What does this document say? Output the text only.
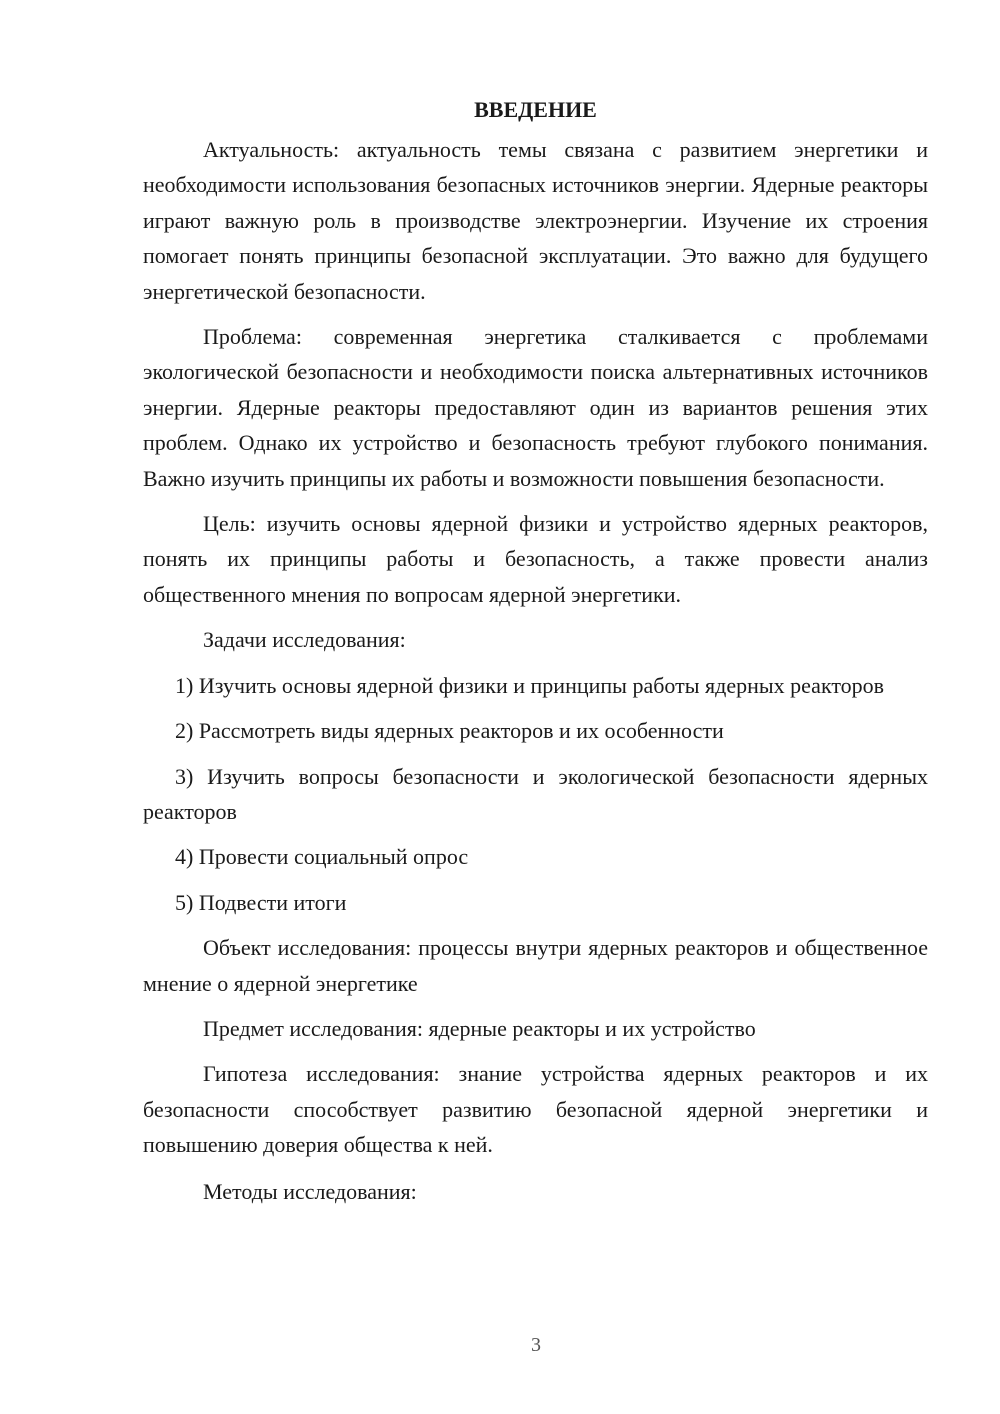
ВВЕДЕНИЕ

Актуальность: актуальность темы связана с развитием энергетики и необходимости использования безопасных источников энергии. Ядерные реакторы играют важную роль в производстве электроэнергии. Изучение их строения помогает понять принципы безопасной эксплуатации. Это важно для будущего энергетической безопасности.

Проблема: современная энергетика сталкивается с проблемами экологической безопасности и необходимости поиска альтернативных источников энергии. Ядерные реакторы предоставляют один из вариантов решения этих проблем. Однако их устройство и безопасность требуют глубокого понимания. Важно изучить принципы их работы и возможности повышения безопасности.

Цель: изучить основы ядерной физики и устройство ядерных реакторов, понять их принципы работы и безопасность, а также провести анализ общественного мнения по вопросам ядерной энергетики.

Задачи исследования:

1) Изучить основы ядерной физики и принципы работы ядерных реакторов

2) Рассмотреть виды ядерных реакторов и их особенности

3) Изучить вопросы безопасности и экологической безопасности ядерных реакторов

4) Провести социальный опрос

5) Подвести итоги

Объект исследования: процессы внутри ядерных реакторов и общественное мнение о ядерной энергетике

Предмет исследования: ядерные реакторы и их устройство

Гипотеза исследования: знание устройства ядерных реакторов и их безопасности способствует развитию безопасной ядерной энергетики и повышению доверия общества к ней.

Методы исследования:

3
